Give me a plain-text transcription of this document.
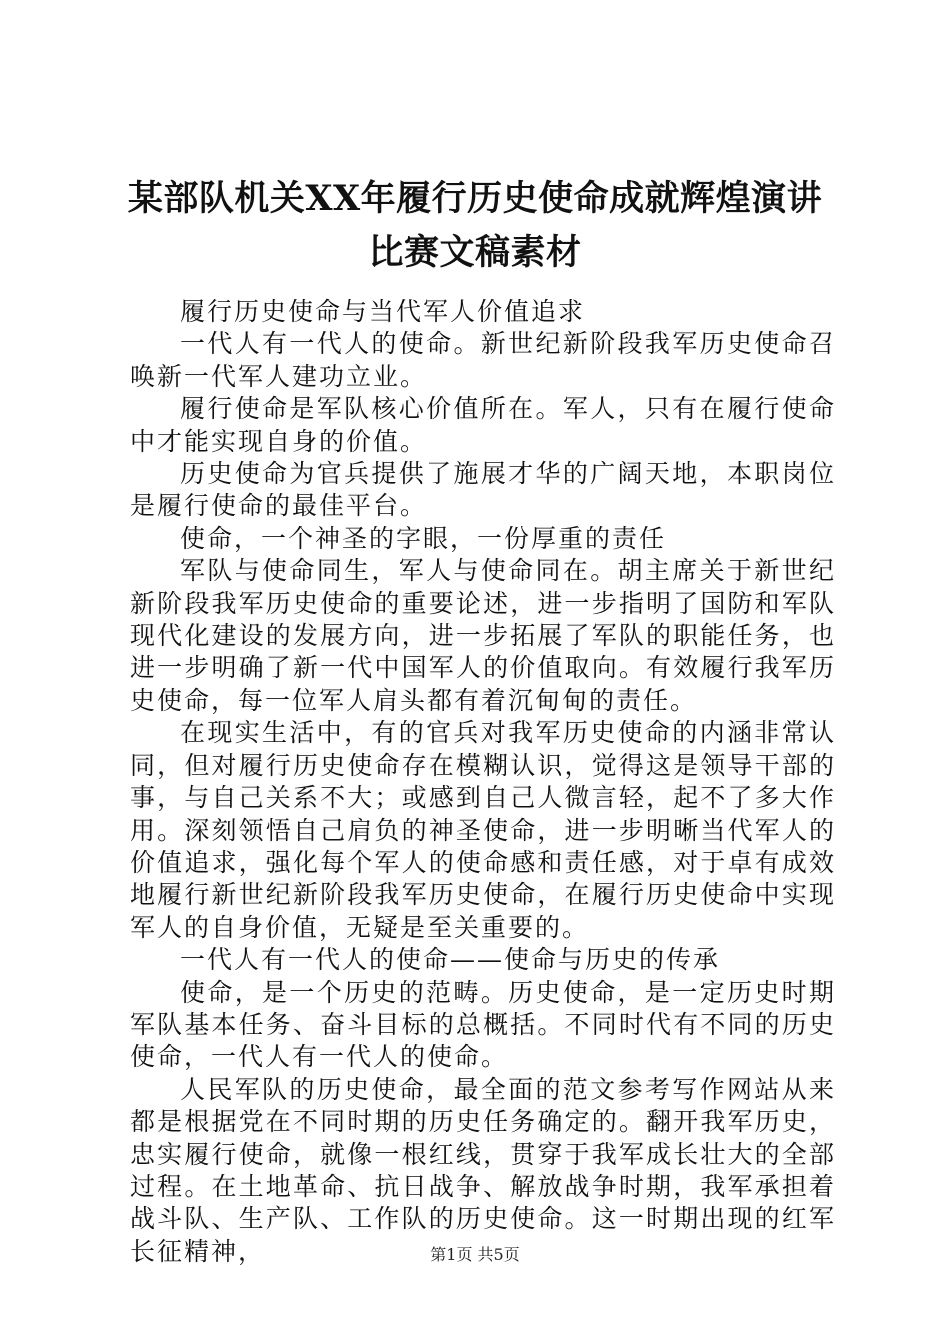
某部队机关XX年履行历史使命成就辉煌演讲
比赛文稿素材

履行历史使命与当代军人价值追求

一代人有一代人的使命。新世纪新阶段我军历史使命召唤新一代军人建功立业。

履行使命是军队核心价值所在。军人，只有在履行使命中才能实现自身的价值。

历史使命为官兵提供了施展才华的广阔天地，本职岗位是履行使命的最佳平台。

使命，一个神圣的字眼，一份厚重的责任

军队与使命同生，军人与使命同在。胡主席关于新世纪新阶段我军历史使命的重要论述，进一步指明了国防和军队现代化建设的发展方向，进一步拓展了军队的职能任务，也进一步明确了新一代中国军人的价值取向。有效履行我军历史使命，每一位军人肩头都有着沉甸甸的责任。

在现实生活中，有的官兵对我军历史使命的内涵非常认同，但对履行历史使命存在模糊认识，觉得这是领导干部的事，与自己关系不大；或感到自己人微言轻，起不了多大作用。深刻领悟自己肩负的神圣使命，进一步明晰当代军人的价值追求，强化每个军人的使命感和责任感，对于卓有成效地履行新世纪新阶段我军历史使命，在履行历史使命中实现军人的自身价值，无疑是至关重要的。

一代人有一代人的使命——使命与历史的传承

使命，是一个历史的范畴。历史使命，是一定历史时期军队基本任务、奋斗目标的总概括。不同时代有不同的历史使命，一代人有一代人的使命。

人民军队的历史使命，最全面的范文参考写作网站从来都是根据党在不同时期的历史任务确定的。翻开我军历史，忠实履行使命，就像一根红线，贯穿于我军成长壮大的全部过程。在土地革命、抗日战争、解放战争时期，我军承担着战斗队、生产队、工作队的历史使命。这一时期出现的红军长征精神，	第1页 共5页
